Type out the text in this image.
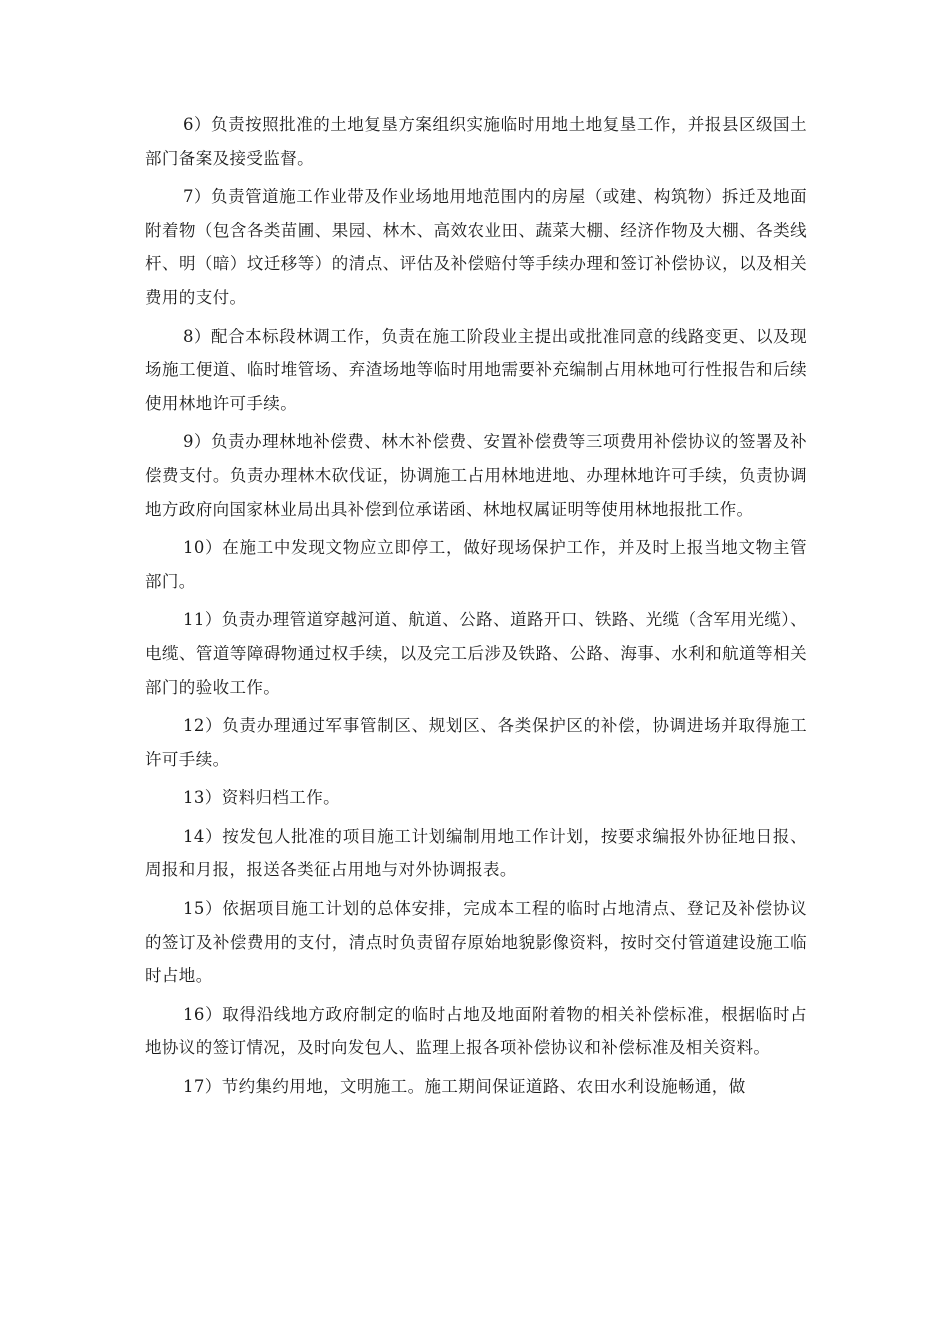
6）负责按照批准的土地复垦方案组织实施临时用地土地复垦工作，并报县区级国土部门备案及接受监督。

7）负责管道施工作业带及作业场地用地范围内的房屋（或建、构筑物）拆迁及地面附着物（包含各类苗圃、果园、林木、高效农业田、蔬菜大棚、经济作物及大棚、各类线杆、明（暗）坟迁移等）的清点、评估及补偿赔付等手续办理和签订补偿协议，以及相关费用的支付。

8）配合本标段林调工作，负责在施工阶段业主提出或批准同意的线路变更、以及现场施工便道、临时堆管场、弃渣场地等临时用地需要补充编制占用林地可行性报告和后续使用林地许可手续。

9）负责办理林地补偿费、林木补偿费、安置补偿费等三项费用补偿协议的签署及补偿费支付。负责办理林木砍伐证，协调施工占用林地进地、办理林地许可手续，负责协调地方政府向国家林业局出具补偿到位承诺函、林地权属证明等使用林地报批工作。

10）在施工中发现文物应立即停工，做好现场保护工作，并及时上报当地文物主管部门。

11）负责办理管道穿越河道、航道、公路、道路开口、铁路、光缆（含军用光缆）、电缆、管道等障碍物通过权手续，以及完工后涉及铁路、公路、海事、水利和航道等相关部门的验收工作。

12）负责办理通过军事管制区、规划区、各类保护区的补偿，协调进场并取得施工许可手续。

13）资料归档工作。

14）按发包人批准的项目施工计划编制用地工作计划，按要求编报外协征地日报、周报和月报，报送各类征占用地与对外协调报表。

15）依据项目施工计划的总体安排，完成本工程的临时占地清点、登记及补偿协议的签订及补偿费用的支付，清点时负责留存原始地貌影像资料，按时交付管道建设施工临时占地。

16）取得沿线地方政府制定的临时占地及地面附着物的相关补偿标准，根据临时占地协议的签订情况，及时向发包人、监理上报各项补偿协议和补偿标准及相关资料。

17）节约集约用地，文明施工。施工期间保证道路、农田水利设施畅通，做
